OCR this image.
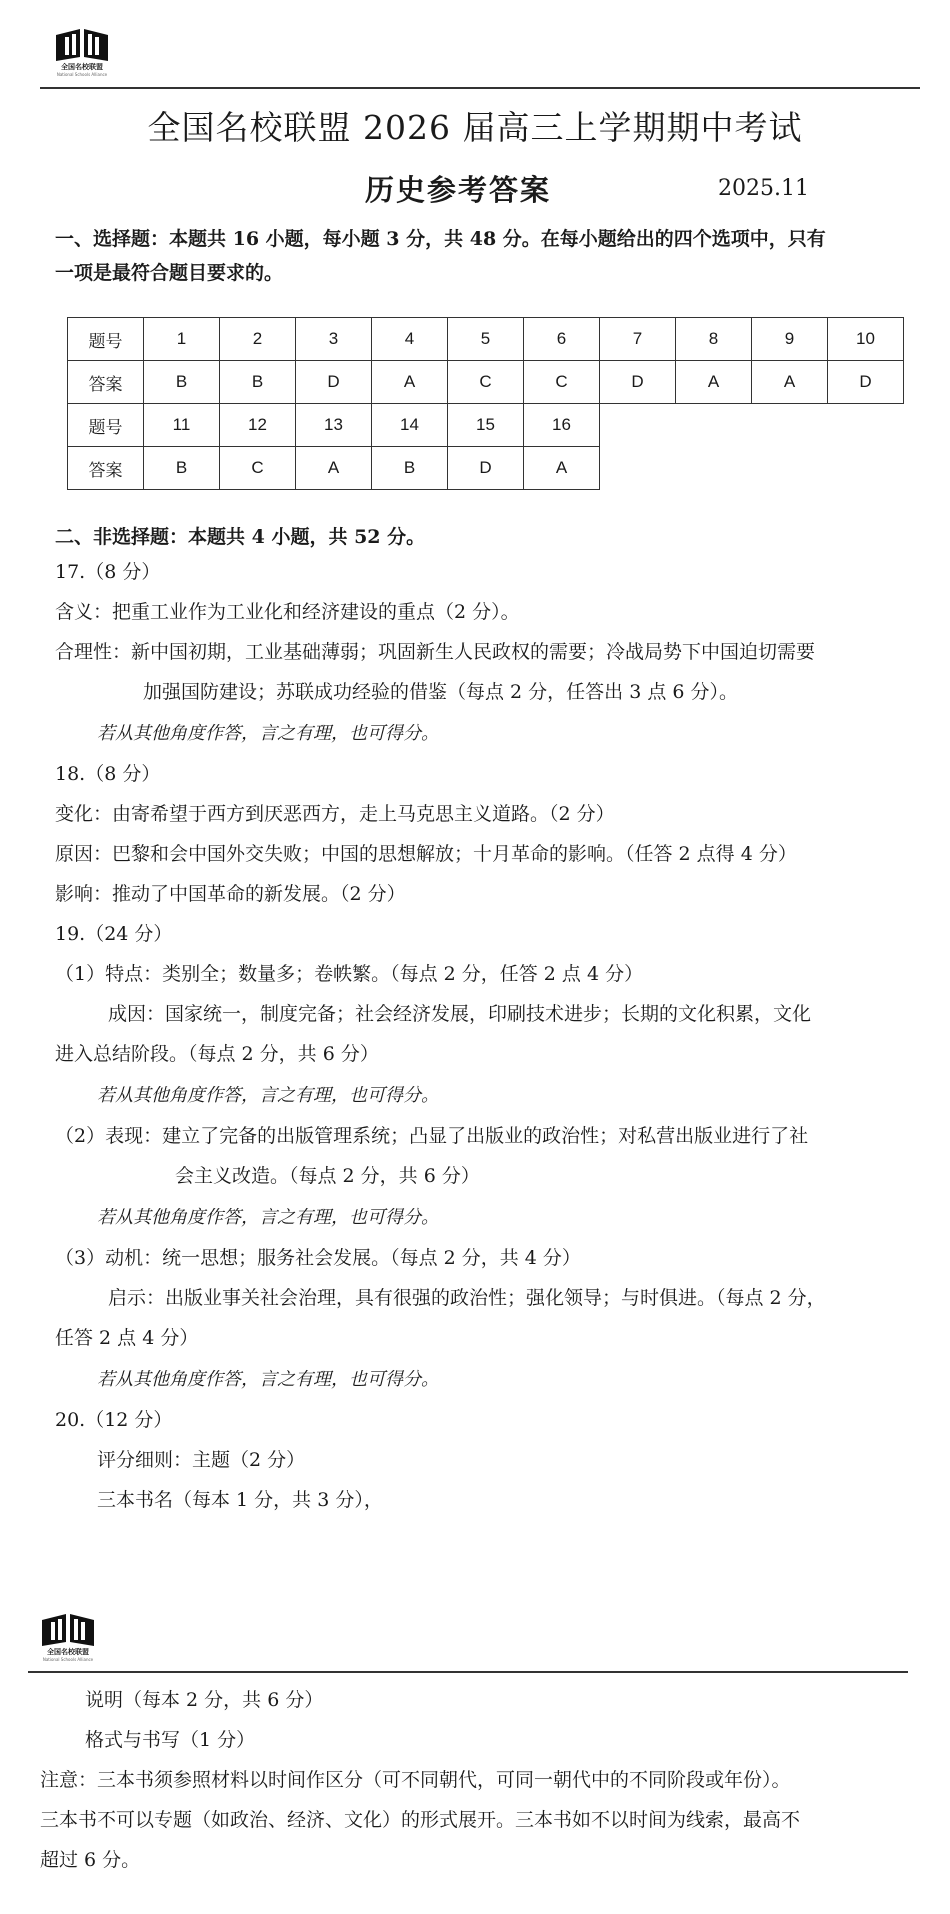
全国名校联盟
National Schools Alliance
全国名校联盟 2026 届高三上学期期中考试
历史参考答案	2025.11
一、选择题：本题共 16 小题，每小题 3 分，共 48 分。在每小题给出的四个选项中，只有
一项是最符合题目要求的。
题号	1	2	3	4	5	6	7	8	9	10
答案	B	B	D	A	C	C	D	A	A	D
题号	11	12	13	14	15	16				
答案	B	C	A	B	D	A				
二、非选择题：本题共 4 小题，共 52 分。
17.（8 分）
含义：把重工业作为工业化和经济建设的重点（2 分）。
合理性：新中国初期，工业基础薄弱；巩固新生人民政权的需要；冷战局势下中国迫切需要
加强国防建设；苏联成功经验的借鉴（每点 2 分，任答出 3 点 6 分）。
若从其他角度作答，言之有理，也可得分。
18.（8 分）
变化：由寄希望于西方到厌恶西方，走上马克思主义道路。（2 分）
原因：巴黎和会中国外交失败；中国的思想解放；十月革命的影响。（任答 2 点得 4 分）
影响：推动了中国革命的新发展。（2 分）
19.（24 分）
（1）特点：类别全；数量多；卷帙繁。（每点 2 分，任答 2 点 4 分）
成因：国家统一，制度完备；社会经济发展，印刷技术进步；长期的文化积累，文化
进入总结阶段。（每点 2 分，共 6 分）
若从其他角度作答，言之有理，也可得分。
（2）表现：建立了完备的出版管理系统；凸显了出版业的政治性；对私营出版业进行了社
会主义改造。（每点 2 分，共 6 分）
若从其他角度作答，言之有理，也可得分。
（3）动机：统一思想；服务社会发展。（每点 2 分，共 4 分）
启示：出版业事关社会治理，具有很强的政治性；强化领导；与时俱进。（每点 2 分，
任答 2 点 4 分）
若从其他角度作答，言之有理，也可得分。
20.（12 分）
评分细则：主题（2 分）
三本书名（每本 1 分，共 3 分），
全国名校联盟
National Schools Alliance
说明（每本 2 分，共 6 分）
格式与书写（1 分）
注意：三本书须参照材料以时间作区分（可不同朝代，可同一朝代中的不同阶段或年份）。
三本书不可以专题（如政治、经济、文化）的形式展开。三本书如不以时间为线索，最高不
超过 6 分。
